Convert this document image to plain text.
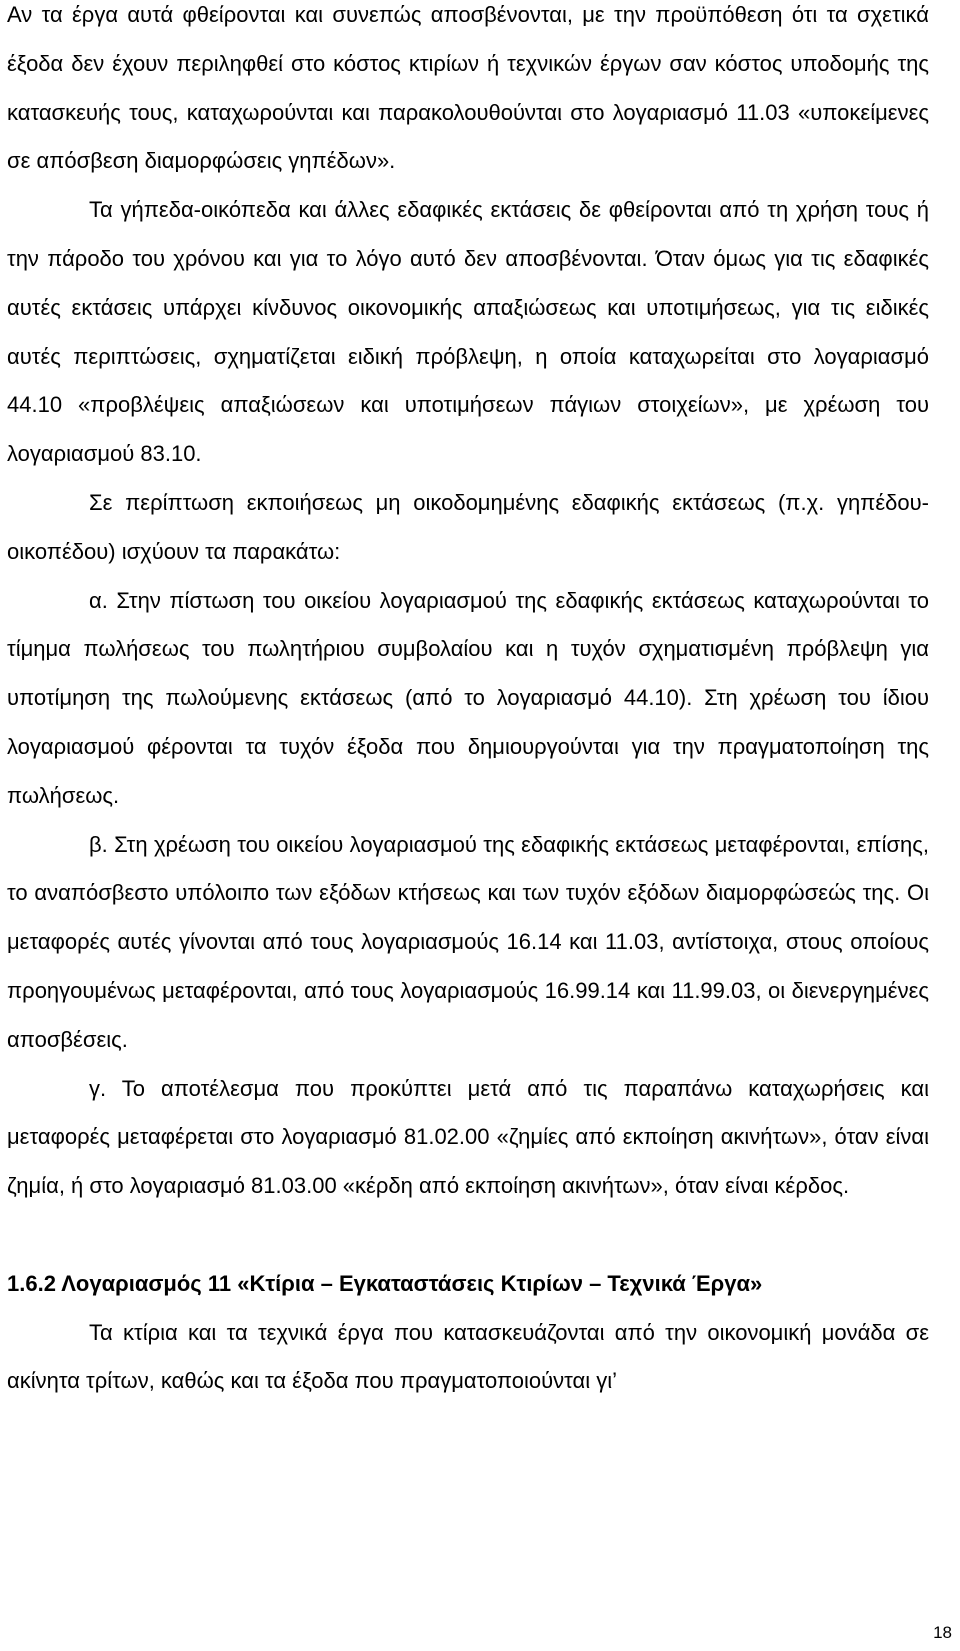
Αν τα έργα αυτά φθείρονται και συνεπώς αποσβένονται, με την προϋπόθεση ότι τα σχετικά έξοδα δεν έχουν περιληφθεί στο κόστος κτιρίων ή τεχνικών έργων σαν κόστος υποδομής της κατασκευής τους, καταχωρούνται και παρακολουθούνται στο λογαριασμό 11.03 «υποκείμενες σε απόσβεση διαμορφώσεις γηπέδων».

Τα γήπεδα-οικόπεδα και άλλες εδαφικές εκτάσεις δε φθείρονται από τη χρήση τους ή την πάροδο του χρόνου και για το λόγο αυτό δεν αποσβένονται. Όταν όμως για τις εδαφικές αυτές εκτάσεις υπάρχει κίνδυνος οικονομικής απαξιώσεως και υποτιμήσεως, για τις ειδικές αυτές περιπτώσεις, σχηματίζεται ειδική πρόβλεψη, η οποία καταχωρείται στο λογαριασμό 44.10 «προβλέψεις απαξιώσεων και υποτιμήσεων πάγιων στοιχείων», με χρέωση του λογαριασμού 83.10.

Σε περίπτωση εκποιήσεως μη οικοδομημένης εδαφικής εκτάσεως (π.χ. γηπέδου-οικοπέδου) ισχύουν τα παρακάτω:

α. Στην πίστωση του οικείου λογαριασμού της εδαφικής εκτάσεως καταχωρούνται το τίμημα πωλήσεως του πωλητήριου συμβολαίου και η τυχόν σχηματισμένη πρόβλεψη για υποτίμηση της πωλούμενης εκτάσεως (από το λογαριασμό 44.10). Στη χρέωση του ίδιου λογαριασμού φέρονται τα τυχόν έξοδα που δημιουργούνται για την πραγματοποίηση της πωλήσεως.

β. Στη χρέωση του οικείου λογαριασμού της εδαφικής εκτάσεως μεταφέρονται, επίσης, το αναπόσβεστο υπόλοιπο των εξόδων κτήσεως και των τυχόν εξόδων διαμορφώσεώς της. Οι μεταφορές αυτές γίνονται από τους λογαριασμούς 16.14 και 11.03, αντίστοιχα, στους οποίους προηγουμένως μεταφέρονται, από τους λογαριασμούς 16.99.14 και 11.99.03, οι διενεργημένες αποσβέσεις.

γ. Το αποτέλεσμα που προκύπτει μετά από τις παραπάνω καταχωρήσεις και μεταφορές μεταφέρεται στο λογαριασμό 81.02.00 «ζημίες από εκποίηση ακινήτων», όταν είναι ζημία, ή στο λογαριασμό 81.03.00 «κέρδη από εκποίηση ακινήτων», όταν είναι κέρδος.

1.6.2 Λογαριασμός 11 «Κτίρια – Εγκαταστάσεις Κτιρίων – Τεχνικά Έργα»

Τα κτίρια και τα τεχνικά έργα που κατασκευάζονται από την οικονομική μονάδα σε ακίνητα τρίτων, καθώς και τα έξοδα που πραγματοποιούνται γι’

18
